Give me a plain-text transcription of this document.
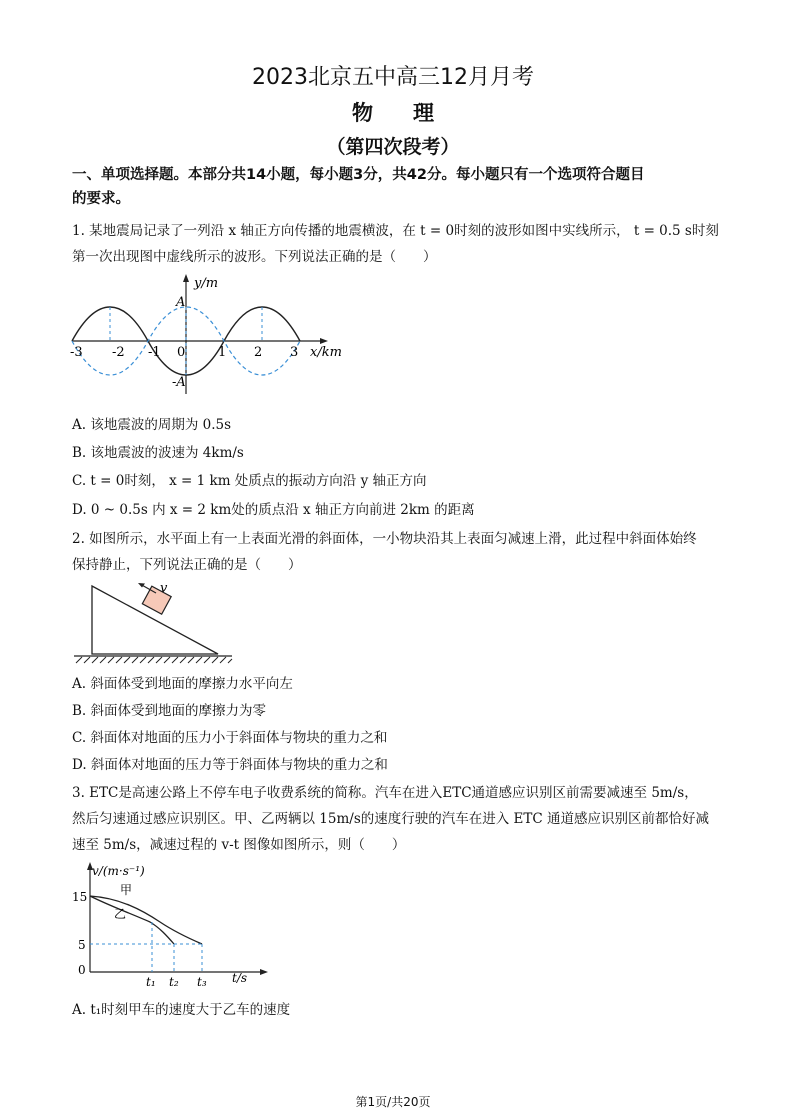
2023北京五中高三12月月考
物理
（第四次段考）
一、单项选择题。本部分共14小题，每小题3分，共42分。每小题只有一个选项符合题目
的要求。
1. 某地震局记录了一列沿 x 轴正方向传播的地震横波，在 t = 0时刻的波形如图中实线所示， t = 0.5 s时刻
第一次出现图中虚线所示的波形。下列说法正确的是（　　）
y/m
x/km
A
-A
-3 -2 -1 0	1 2 3
A. 该地震波的周期为 0.5s
B. 该地震波的波速为 4km/s
C. t = 0时刻， x = 1 km 处质点的振动方向沿 y 轴正方向
D. 0 ~ 0.5s 内 x = 2 km处的质点沿 x 轴正方向前进 2km 的距离
2. 如图所示，水平面上有一上表面光滑的斜面体，一小物块沿其上表面匀减速上滑，此过程中斜面体始终
保持静止，下列说法正确的是（　　）
v
A. 斜面体受到地面的摩擦力水平向左
B. 斜面体受到地面的摩擦力为零
C. 斜面体对地面的压力小于斜面体与物块的重力之和
D. 斜面体对地面的压力等于斜面体与物块的重力之和
3. ETC是高速公路上不停车电子收费系统的简称。汽车在进入ETC通道感应识别区前需要减速至 5m/s，
然后匀速通过感应识别区。甲、乙两辆以 15m/s的速度行驶的汽车在进入 ETC 通道感应识别区前都恰好减
速至 5m/s，减速过程的 v-t 图像如图所示，则（　　）
v/(m·s⁻¹)
t/s
甲
乙
15
5
0
t₁ t₂ t₃
A. t₁时刻甲车的速度大于乙车的速度
第1页/共20页
